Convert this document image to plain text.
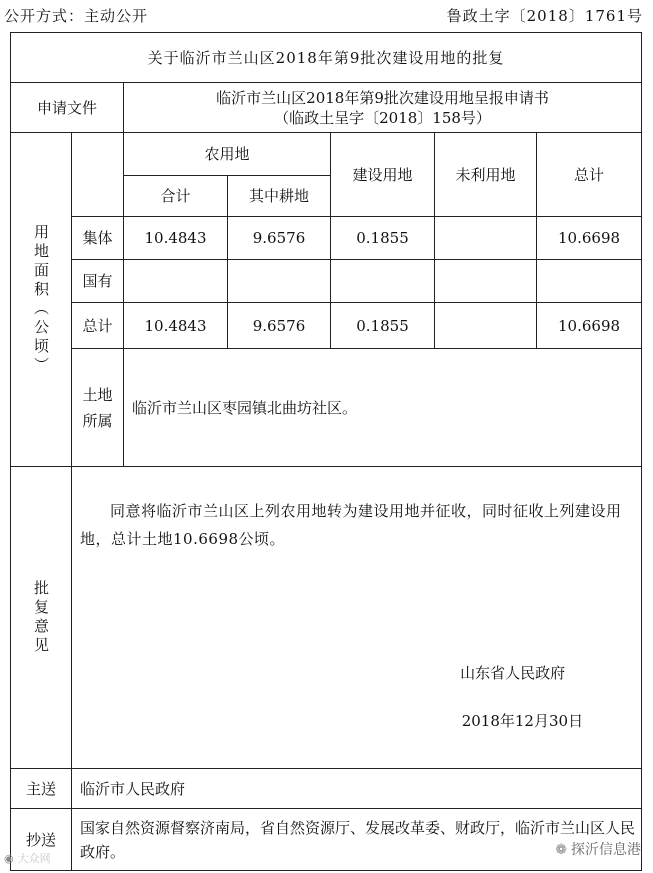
公开方式：主动公开	鲁政土字〔2018〕1761号
关于临沂市兰山区2018年第9批次建设用地的批复						
申请文件		临沂市兰山区2018年第9批次建设用地呈报申请书
（临政土呈字〔2018〕158号）				

用地面积（公顷）		农用地		建设用地	未利用地	总计
		合计	其中耕地			
	集体	10.4843	9.6576	0.1855		10.6698
	国有					
	总计	10.4843	9.6576	0.1855		10.6698

	土地所属	临沂市兰山区枣园镇北曲坊社区。				

批复意见	同意将临沂市兰山区上列农用地转为建设用地并征收，同时征收上列建设用地，总计土地10.6698公顷。
山东省人民政府
2018年12月30日					

主送	临沂市人民政府					
抄送	国家自然资源督察济南局，省自然资源厅、发展改革委、财政厅，临沂市兰山区人民政府。					
◉ 大众网
❁ 探沂信息港
